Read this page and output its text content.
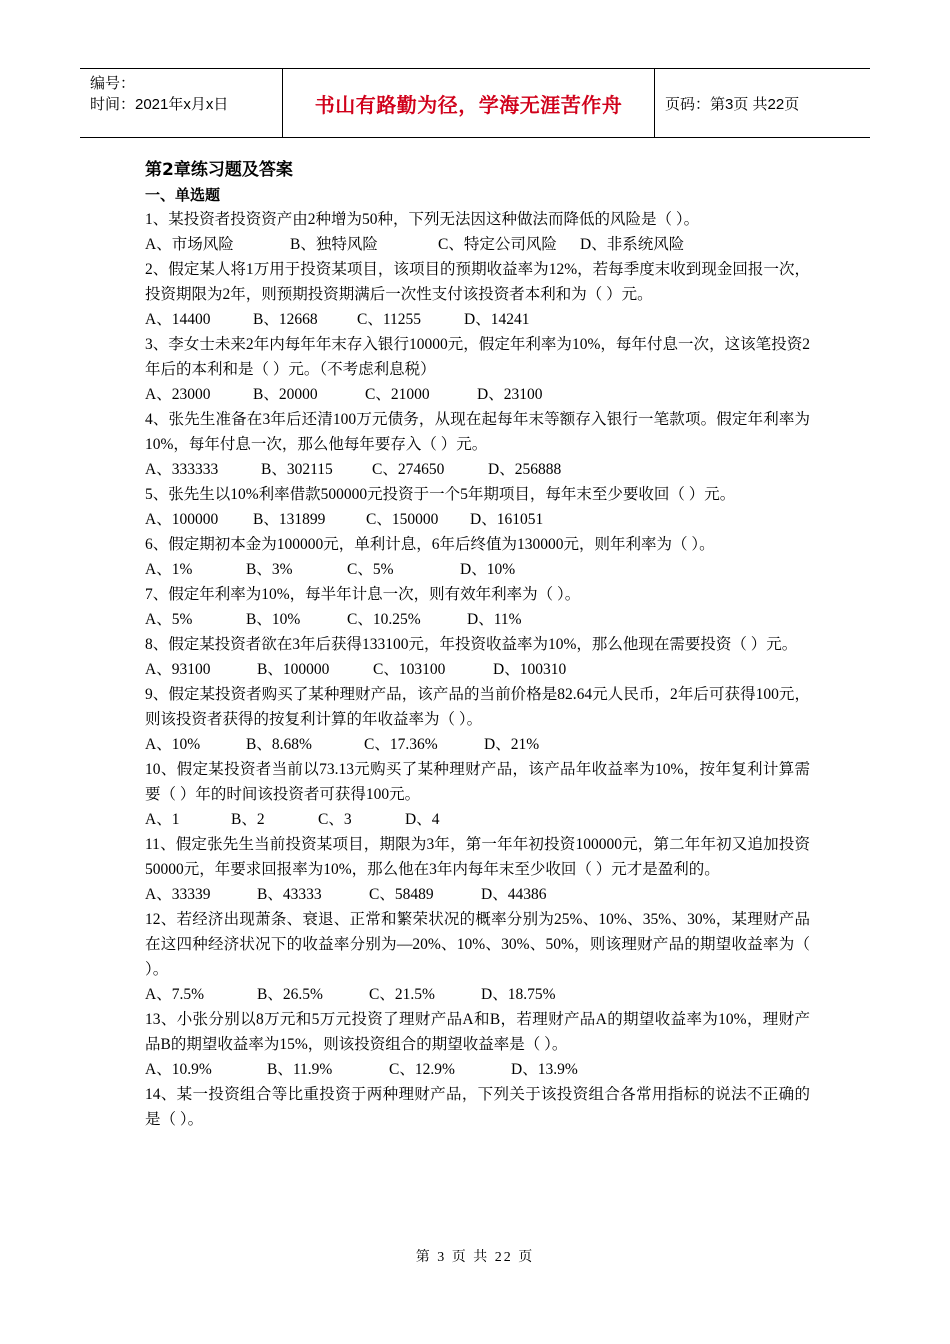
编号：
时间：2021年x月x日	书山有路勤为径，学海无涯苦作舟	页码：第3页 共22页
第2章练习题及答案
一、单选题
1、某投资者投资资产由2种增为50种，下列无法因这种做法而降低的风险是（ ）。
A、市场风险	B、独特风险	C、特定公司风险	D、非系统风险
2、假定某人将1万用于投资某项目，该项目的预期收益率为12%，若每季度末收到现金回报一次，投资期限为2年，则预期投资期满后一次性支付该投资者本利和为（ ）元。
A、14400	B、12668	C、11255	D、14241
3、李女士未来2年内每年年末存入银行10000元，假定年利率为10%，每年付息一次，这该笔投资2年后的本利和是（ ）元。（不考虑利息税）
A、23000	B、20000	C、21000	D、23100
4、张先生准备在3年后还清100万元债务，从现在起每年末等额存入银行一笔款项。假定年利率为10%，每年付息一次，那么他每年要存入（ ）元。
A、333333	B、302115	C、274650	D、256888
5、张先生以10%利率借款500000元投资于一个5年期项目，每年末至少要收回（ ）元。
A、100000	B、131899	C、150000	D、161051
6、假定期初本金为100000元，单利计息，6年后终值为130000元，则年利率为（ ）。
A、1%	B、3%	C、5%	D、10%
7、假定年利率为10%，每半年计息一次，则有效年利率为（ ）。
A、5%	B、10%	C、10.25%	D、11%
8、假定某投资者欲在3年后获得133100元，年投资收益率为10%，那么他现在需要投资（ ）元。
A、93100	B、100000	C、103100	D、100310
9、假定某投资者购买了某种理财产品，该产品的当前价格是82.64元人民币，2年后可获得100元，则该投资者获得的按复利计算的年收益率为（ ）。
A、10%	B、8.68%	C、17.36%	D、21%
10、假定某投资者当前以73.13元购买了某种理财产品，该产品年收益率为10%，按年复利计算需要（ ）年的时间该投资者可获得100元。
A、1	B、2	C、3	D、4
11、假定张先生当前投资某项目，期限为3年，第一年年初投资100000元，第二年年初又追加投资50000元，年要求回报率为10%，那么他在3年内每年末至少收回（ ）元才是盈利的。
A、33339	B、43333	C、58489	D、44386
12、若经济出现萧条、衰退、正常和繁荣状况的概率分别为25%、10%、35%、30%，某理财产品在这四种经济状况下的收益率分别为—20%、10%、30%、50%，则该理财产品的期望收益率为（ ）。
A、7.5%	B、26.5%	C、21.5%	D、18.75%
13、小张分别以8万元和5万元投资了理财产品A和B，若理财产品A的期望收益率为10%，理财产品B的期望收益率为15%，则该投资组合的期望收益率是（ ）。
A、10.9%	B、11.9%	C、12.9%	D、13.9%
14、某一投资组合等比重投资于两种理财产品，下列关于该投资组合各常用指标的说法不正确的是（ ）。
第 3 页 共 22 页
